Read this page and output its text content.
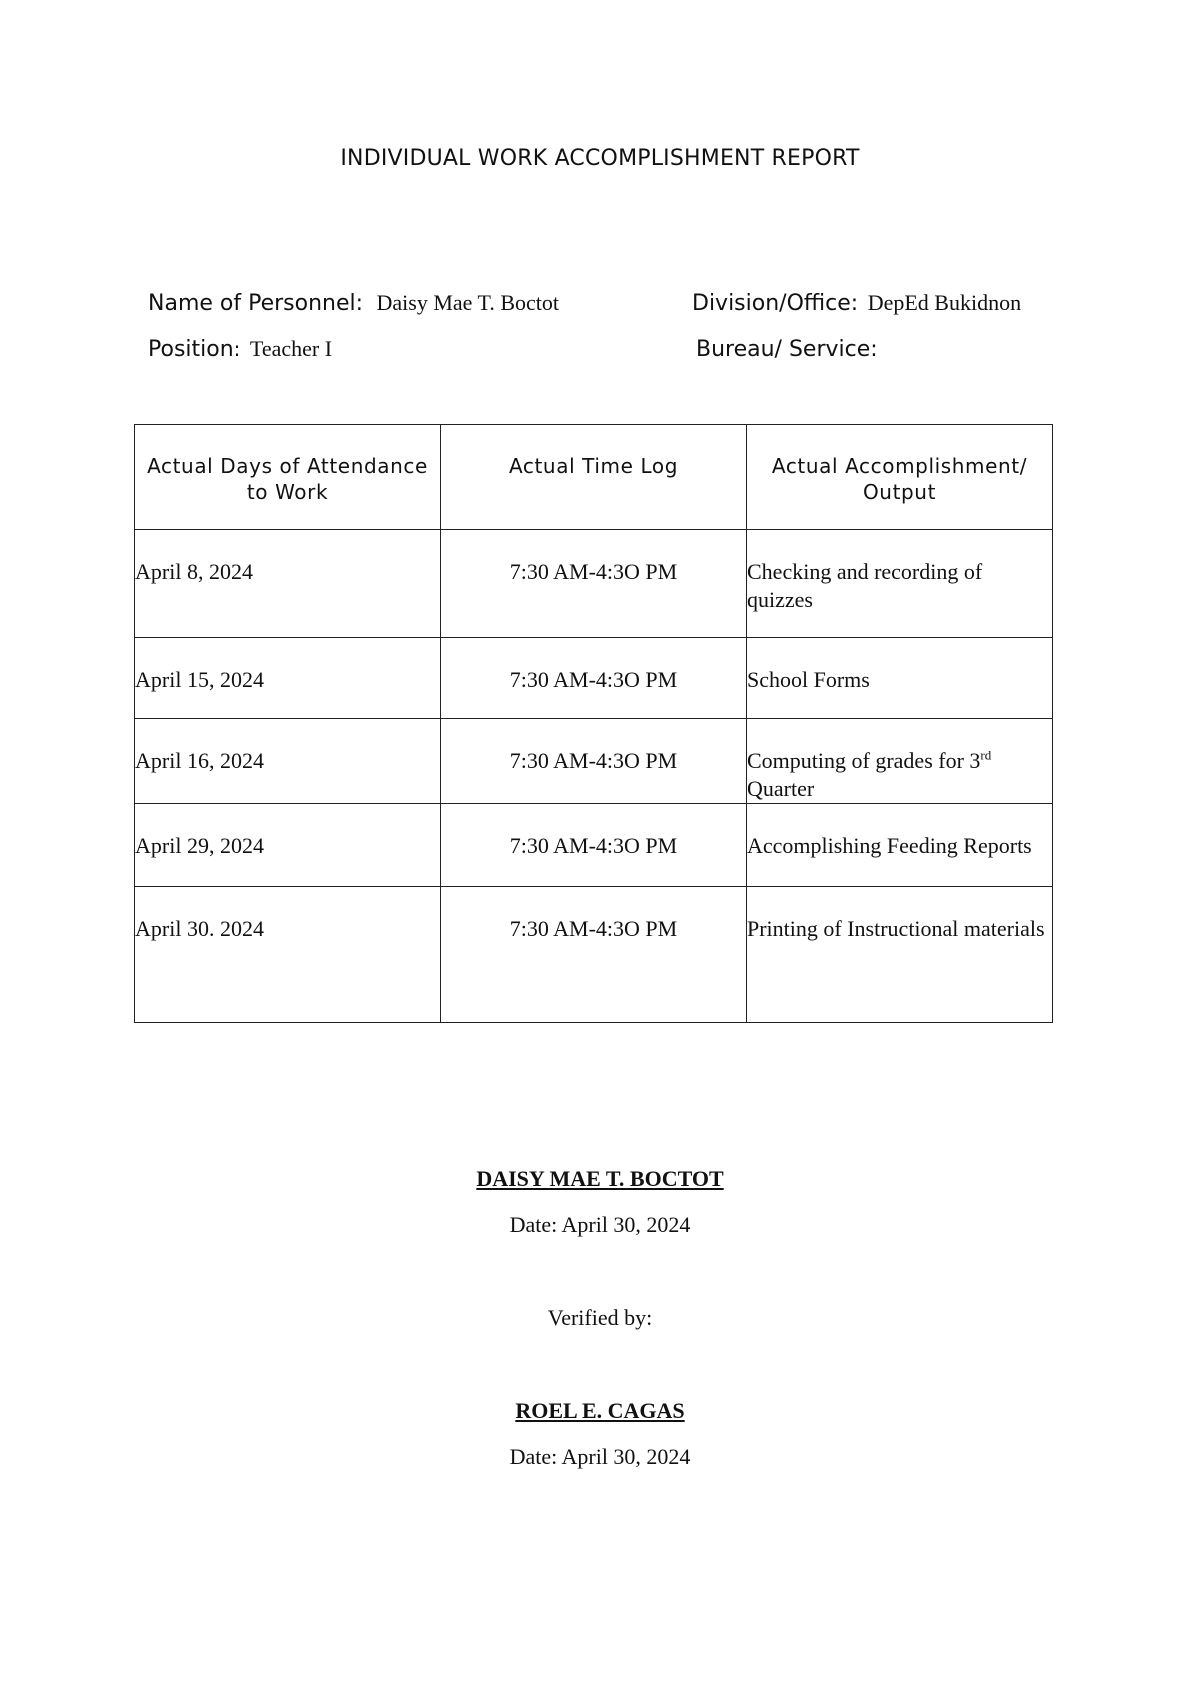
INDIVIDUAL WORK ACCOMPLISHMENT REPORT
Name of Personnel: Daisy Mae T. Boctot	Division/Office: DepEd Bukidnon
Position: Teacher I	Bureau/ Service:
Actual Days of Attendance to Work	Actual Time Log	Actual Accomplishment/ Output
April 8, 2024	7:30 AM-4:3O PM	Checking and recording of quizzes
April 15, 2024	7:30 AM-4:3O PM	School Forms
April 16, 2024	7:30 AM-4:3O PM	Computing of grades for 3rd Quarter
April 29, 2024	7:30 AM-4:3O PM	Accomplishing Feeding Reports
April 30. 2024	7:30 AM-4:3O PM	Printing of Instructional materials
DAISY MAE T. BOCTOT
Date: April 30, 2024
Verified by:
ROEL E. CAGAS
Date: April 30, 2024
